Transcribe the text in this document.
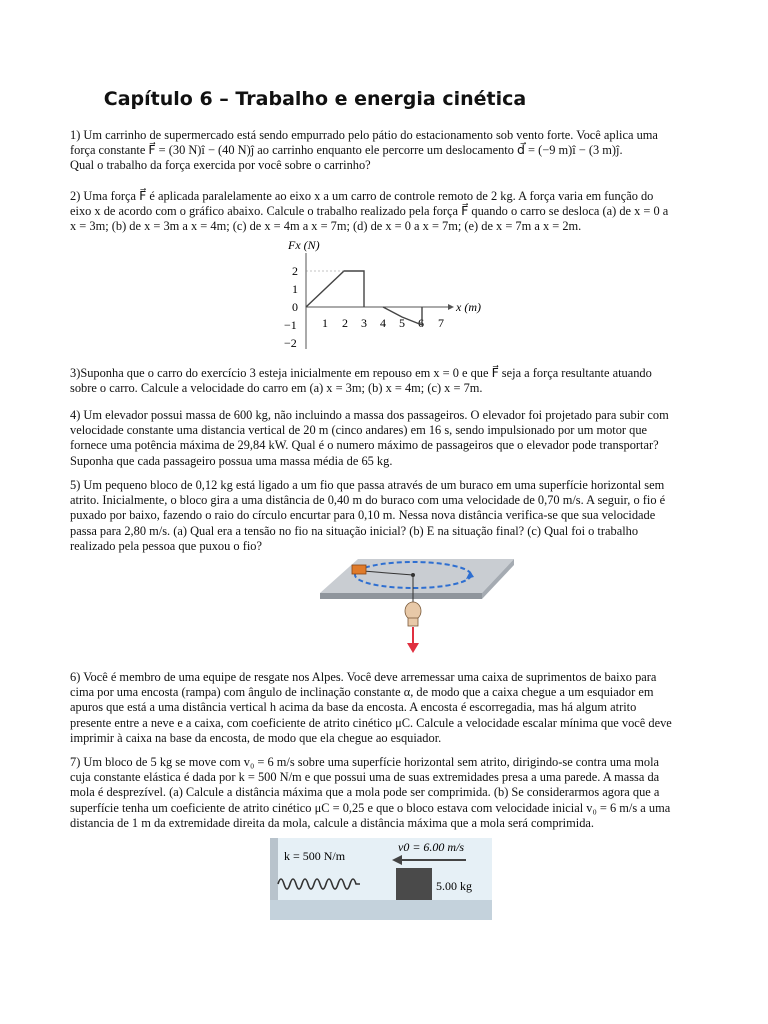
Capítulo 6 – Trabalho e energia cinética
1) Um carrinho de supermercado está sendo empurrado pelo pátio do estacionamento sob vento forte. Você aplica uma
força constante F⃗ = (30 N)î − (40 N)ĵ ao carrinho enquanto ele percorre um deslocamento d⃗ = (−9 m)î − (3 m)ĵ.
Qual o trabalho da força exercida por você sobre o carrinho?
2) Uma força F⃗ é aplicada paralelamente ao eixo x a um carro de controle remoto de 2 kg. A força varia em função do
eixo x de acordo com o gráfico abaixo. Calcule o trabalho realizado pela força F⃗ quando o carro se desloca (a) de x = 0 a
x = 3m; (b) de x = 3m a x = 4m; (c) de x = 4m a x = 7m; (d) de x = 0 a x = 7m; (e) de x = 7m a x = 2m.
Fx (N)
x (m)
2
1
0
−1
−2
1 2 3 4 5 6 7
3)Suponha que o carro do exercício 3 esteja inicialmente em repouso em x = 0 e que F⃗ seja a força resultante atuando
sobre o carro. Calcule a velocidade do carro em (a) x = 3m; (b) x = 4m; (c) x = 7m.
4) Um elevador possui massa de 600 kg, não incluindo a massa dos passageiros. O elevador foi projetado para subir com
velocidade constante uma distancia vertical de 20 m (cinco andares) em 16 s, sendo impulsionado por um motor que
fornece uma potência máxima de 29,84 kW. Qual é o numero máximo de passageiros que o elevador pode transportar?
Suponha que cada passageiro possua uma massa média de 65 kg.
5) Um pequeno bloco de 0,12 kg está ligado a um fio que passa através de um buraco em uma superfície horizontal sem
atrito. Inicialmente, o bloco gira a uma distância de 0,40 m do buraco com uma velocidade de 0,70 m/s. A seguir, o fio é
puxado por baixo, fazendo o raio do círculo encurtar para 0,10 m. Nessa nova distância verifica-se que sua velocidade
passa para 2,80 m/s. (a) Qual era a tensão no fio na situação inicial? (b) E na situação final? (c) Qual foi o trabalho
realizado pela pessoa que puxou o fio?
6) Você é membro de uma equipe de resgate nos Alpes. Você deve arremessar uma caixa de suprimentos de baixo para
cima por uma encosta (rampa) com ângulo de inclinação constante α, de modo que a caixa chegue a um esquiador em
apuros que está a uma distância vertical h acima da base da encosta. A encosta é escorregadia, mas há algum atrito
presente entre a neve e a caixa, com coeficiente de atrito cinético μC. Calcule a velocidade escalar mínima que você deve
imprimir à caixa na base da encosta, de modo que ela chegue ao esquiador.
7) Um bloco de 5 kg se move com v₀ = 6 m/s sobre uma superfície horizontal sem atrito, dirigindo-se contra uma mola
cuja constante elástica é dada por k = 500 N/m e que possui uma de suas extremidades presa a uma parede. A massa da
mola é desprezível. (a) Calcule a distância máxima que a mola pode ser comprimida. (b) Se considerarmos agora que a
superfície tenha um coeficiente de atrito cinético μC = 0,25 e que o bloco estava com velocidade inicial v₀ = 6 m/s a uma
distancia de 1 m da extremidade direita da mola, calcule a distância máxima que a mola será comprimida.
k = 500 N/m
v0 = 6.00 m/s
5.00 kg
